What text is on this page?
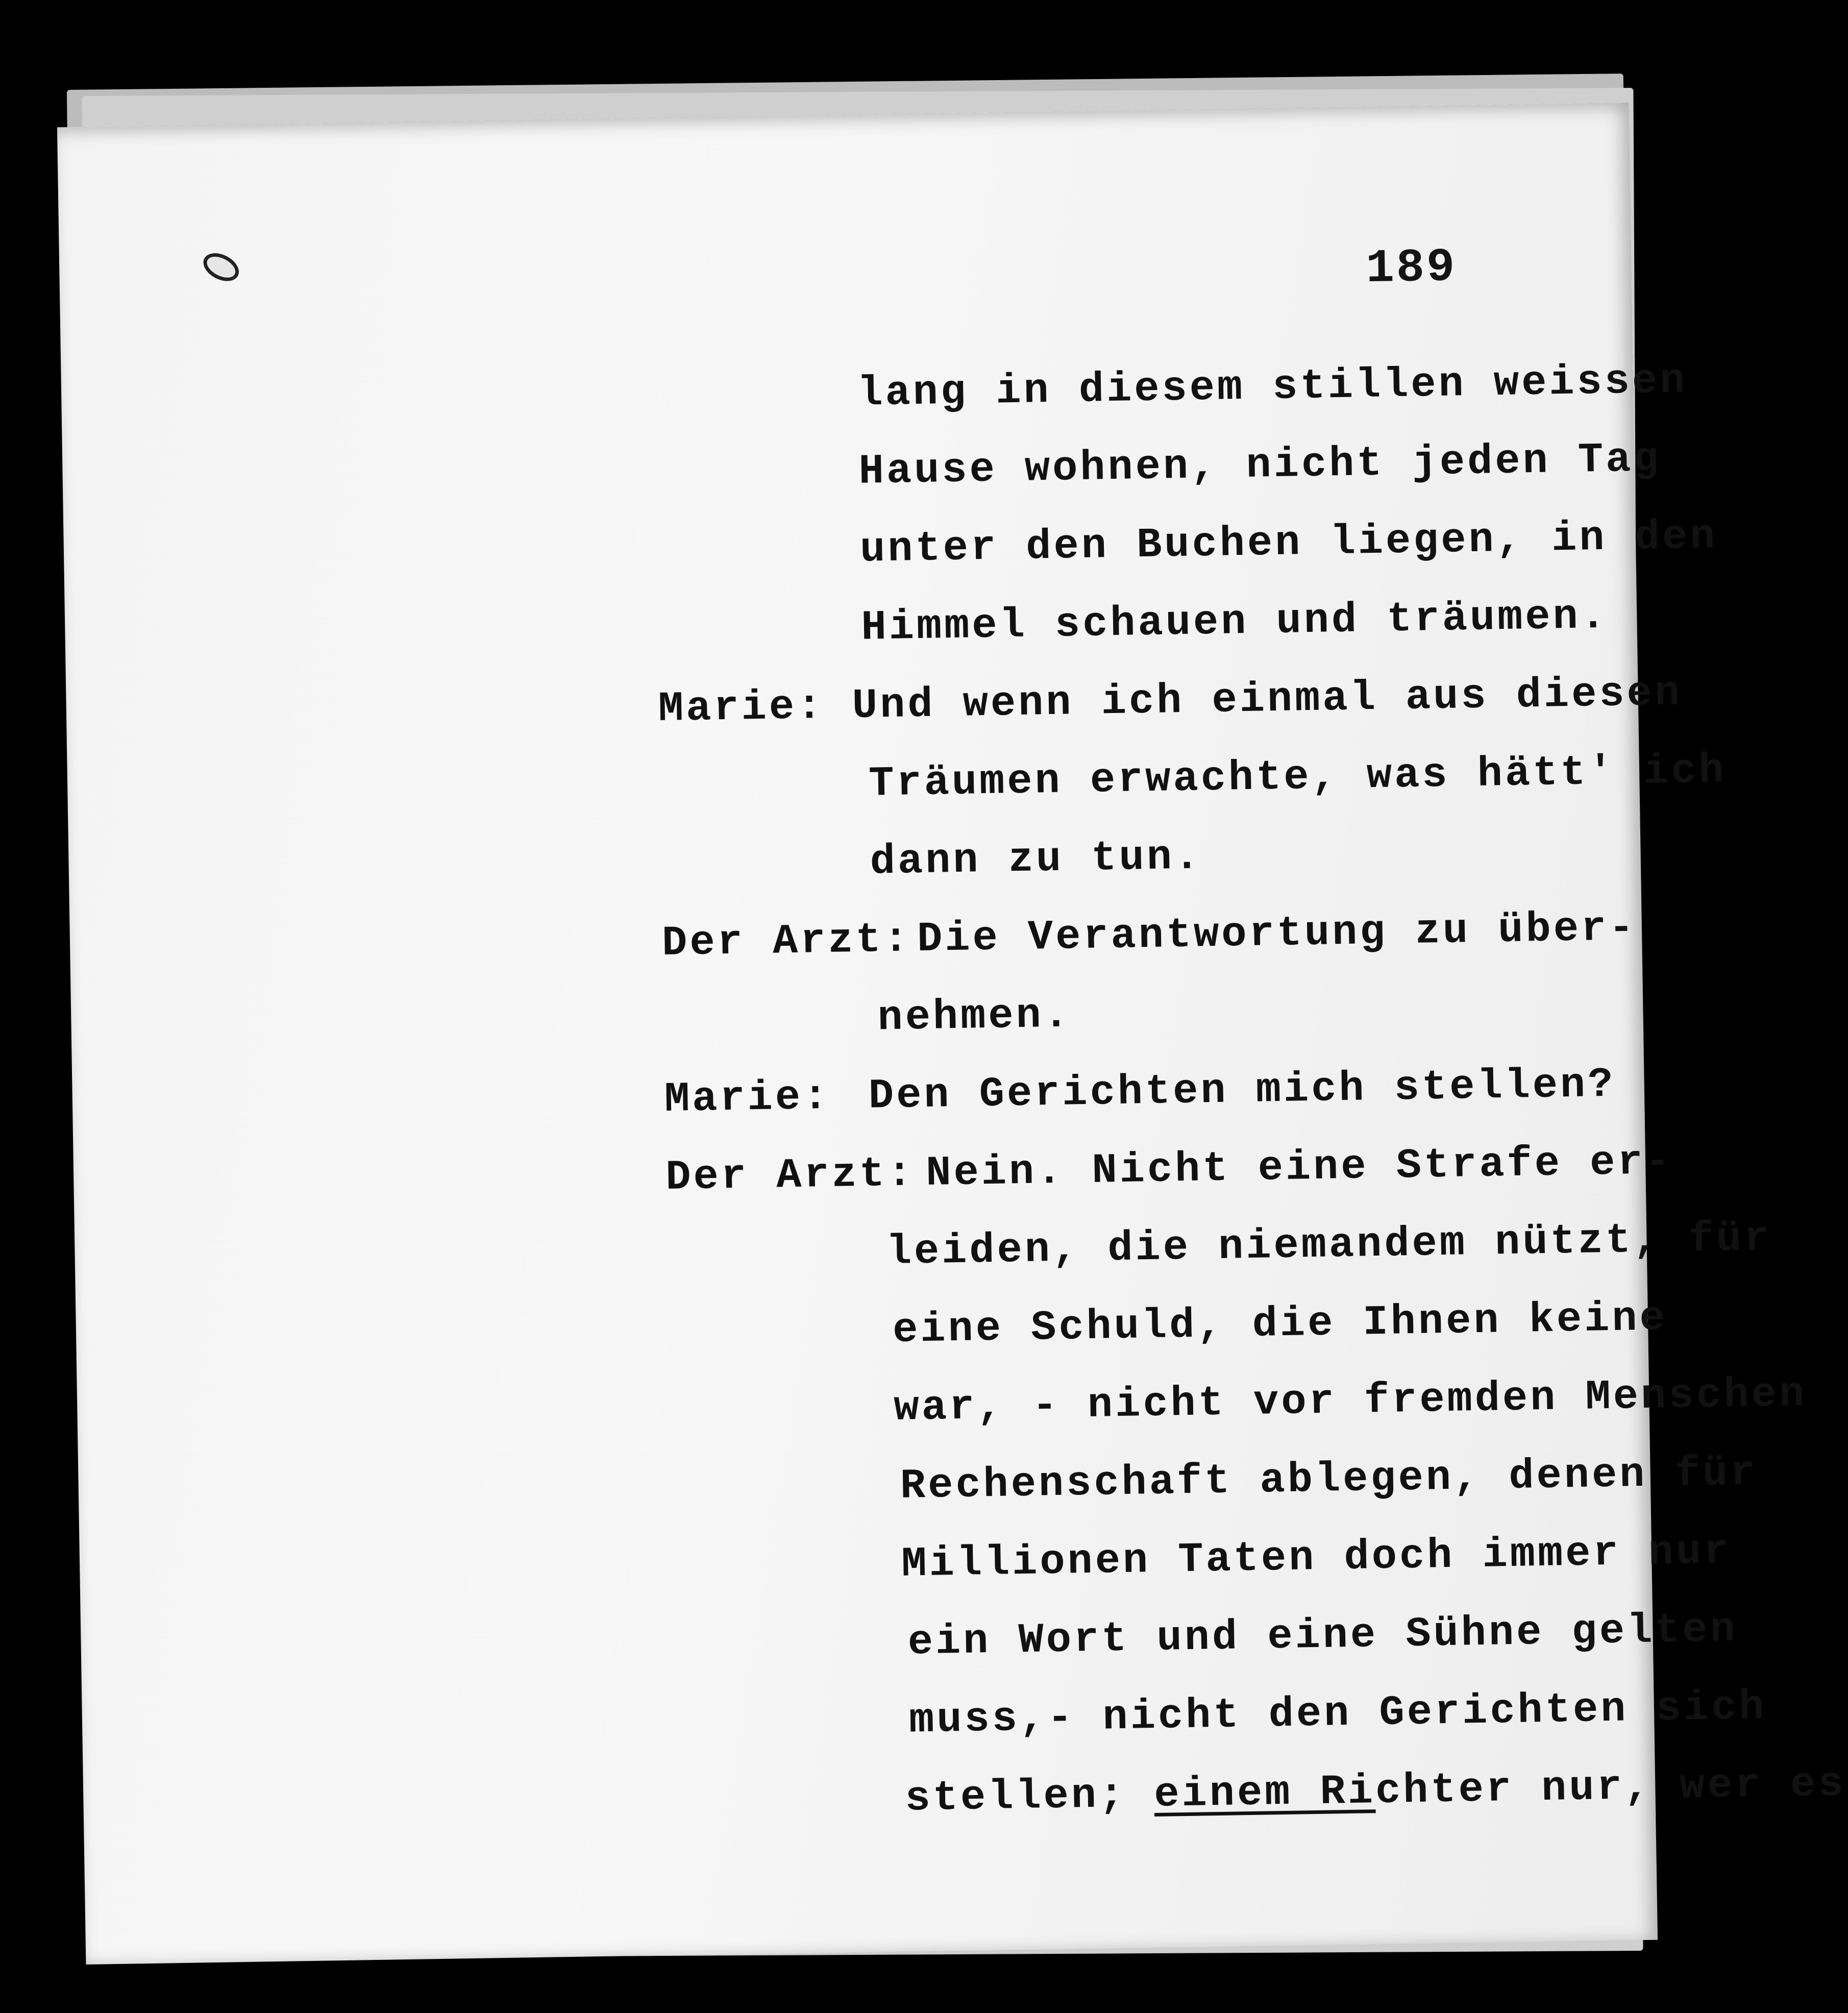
189
lang in diesem stillen weissen
Hause wohnen, nicht jeden Tag
unter den Buchen liegen, in den
Himmel schauen und träumen.
Marie: Und wenn ich einmal aus diesen
Träumen erwachte, was hätt' ich
dann zu tun.
Der Arzt: Die Verantwortung zu über-
nehmen.
Marie: Den Gerichten mich stellen?
Der Arzt: Nein. Nicht eine Strafe er-
leiden, die niemandem nützt, für
eine Schuld, die Ihnen keine
war, - nicht vor fremden Menschen
Rechenschaft ablegen, denen für
Millionen Taten doch immer nur
ein Wort und eine Sühne gelten
muss,- nicht den Gerichten sich
stellen; einem Richter nur, wer es
